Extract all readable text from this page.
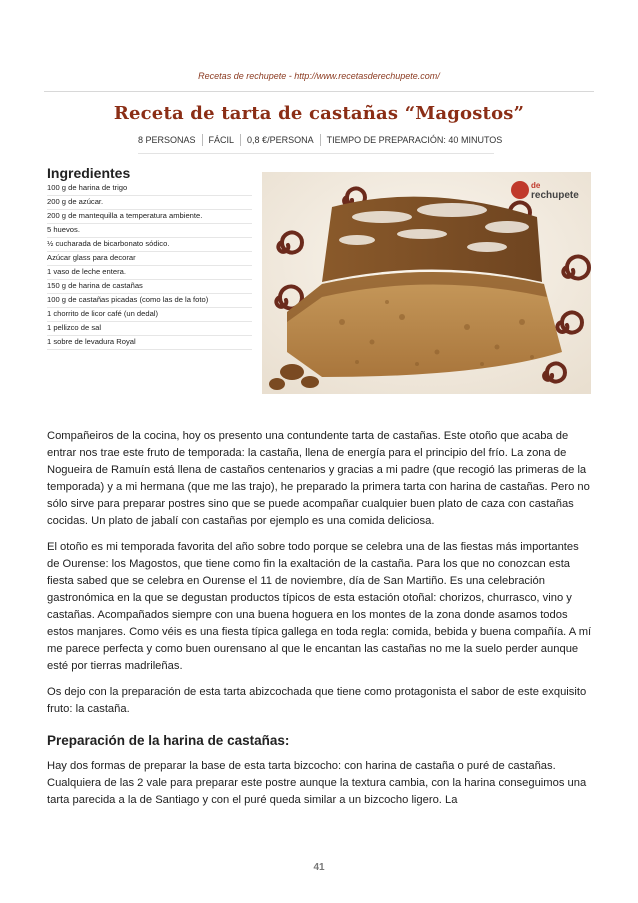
Recetas de rechupete - http://www.recetasderechupete.com/
Receta de tarta de castañas “Magostos”
8 PERSONAS	FÁCIL	0,8 €/PERSONA	TIEMPO DE PREPARACIÓN: 40 MINUTOS
Ingredientes
100 g de harina de trigo
200 g de azúcar.
200 g de mantequilla a temperatura ambiente.
5 huevos.
½ cucharada de bicarbonato sódico.
Azúcar glass para decorar
1 vaso de leche entera.
150 g de harina de castañas
100 g de castañas picadas (como las de la foto)
1 chorrito de licor café (un dedal)
1 pellizco de sal
1 sobre de levadura Royal
de
rechupete

Compañeiros de la cocina, hoy os presento una contundente tarta de castañas. Este otoño que acaba de entrar nos trae este fruto de temporada: la castaña, llena de energía para el principio del frío. La zona de Nogueira de Ramuín está llena de castaños centenarios y gracias a mi padre (que recogió las primeras de la temporada) y a mi hermana (que me las trajo), he preparado la primera tarta con harina de castañas. Pero no sólo sirve para preparar postres sino que se puede acompañar cualquier buen plato de caza con castañas cocidas. Un plato de jabalí con castañas por ejemplo es una comida deliciosa.

El otoño es mi temporada favorita del año sobre todo porque se celebra una de las fiestas más importantes de Ourense: los Magostos, que tiene como fin la exaltación de la castaña. Para los que no conozcan esta fiesta sabed que se celebra en Ourense el 11 de noviembre, día de San Martiño. Es una celebración gastronómica en la que se degustan productos típicos de esta estación otoñal: chorizos, churrasco, vino y castañas. Acompañados siempre con una buena hoguera en los montes de la zona donde asamos todos estos manjares. Como véis es una fiesta típica gallega en toda regla: comida, bebida y buena compañía. A mí me parece perfecta y como buen ourensano al que le encantan las castañas no me la suelo perder aunque esté por tierras madrileñas.

Os dejo con la preparación de esta tarta abizcochada que tiene como protagonista el sabor de este exquisito fruto: la castaña.

Preparación de la harina de castañas:

Hay dos formas de preparar la base de esta tarta bizcocho: con harina de castaña o puré de castañas. Cualquiera de las 2 vale para preparar este postre aunque la textura cambia, con la harina conseguimos una tarta parecida a la de Santiago y con el puré queda similar a un bizcocho ligero. La

41
